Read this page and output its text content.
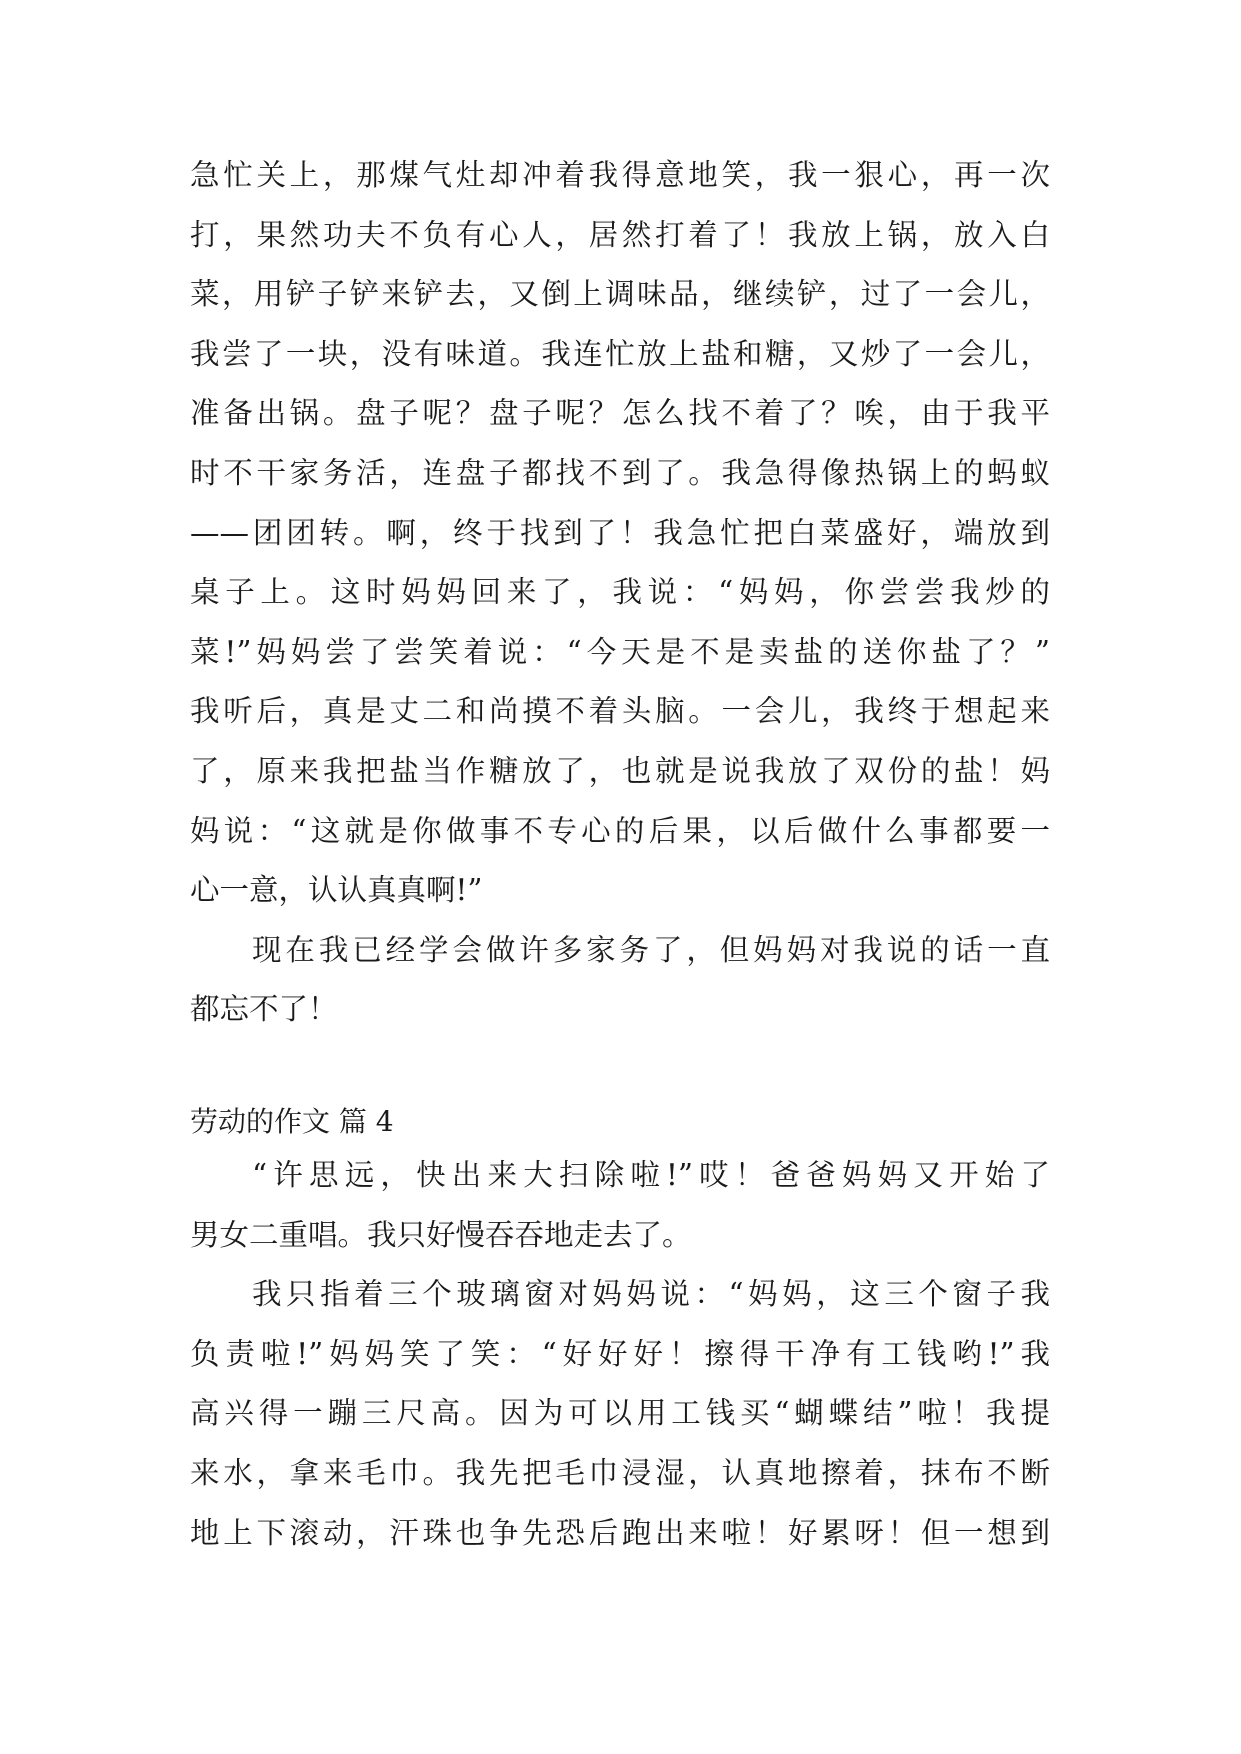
急忙关上，那煤气灶却冲着我得意地笑，我一狠心，再一次
打，果然功夫不负有心人，居然打着了！我放上锅，放入白
菜，用铲子铲来铲去，又倒上调味品，继续铲，过了一会儿，
我尝了一块，没有味道。我连忙放上盐和糖，又炒了一会儿，
准备出锅。盘子呢？盘子呢？怎么找不着了？唉，由于我平
时不干家务活，连盘子都找不到了。我急得像热锅上的蚂蚁
——团团转。啊，终于找到了！我急忙把白菜盛好，端放到
桌子上。这时妈妈回来了，我说：“妈妈，你尝尝我炒的
菜!”妈妈尝了尝笑着说：“今天是不是卖盐的送你盐了？”
我听后，真是丈二和尚摸不着头脑。一会儿，我终于想起来
了，原来我把盐当作糖放了，也就是说我放了双份的盐！妈
妈说：“这就是你做事不专心的后果，以后做什么事都要一
心一意，认认真真啊!”
现在我已经学会做许多家务了，但妈妈对我说的话一直
都忘不了！
劳动的作文 篇 4
“许思远，快出来大扫除啦!”哎！爸爸妈妈又开始了
男女二重唱。我只好慢吞吞地走去了。
我只指着三个玻璃窗对妈妈说：“妈妈，这三个窗子我
负责啦!”妈妈笑了笑：“好好好！擦得干净有工钱哟!”我
高兴得一蹦三尺高。因为可以用工钱买“蝴蝶结”啦！我提
来水，拿来毛巾。我先把毛巾浸湿，认真地擦着，抹布不断
地上下滚动，汗珠也争先恐后跑出来啦！好累呀！但一想到
